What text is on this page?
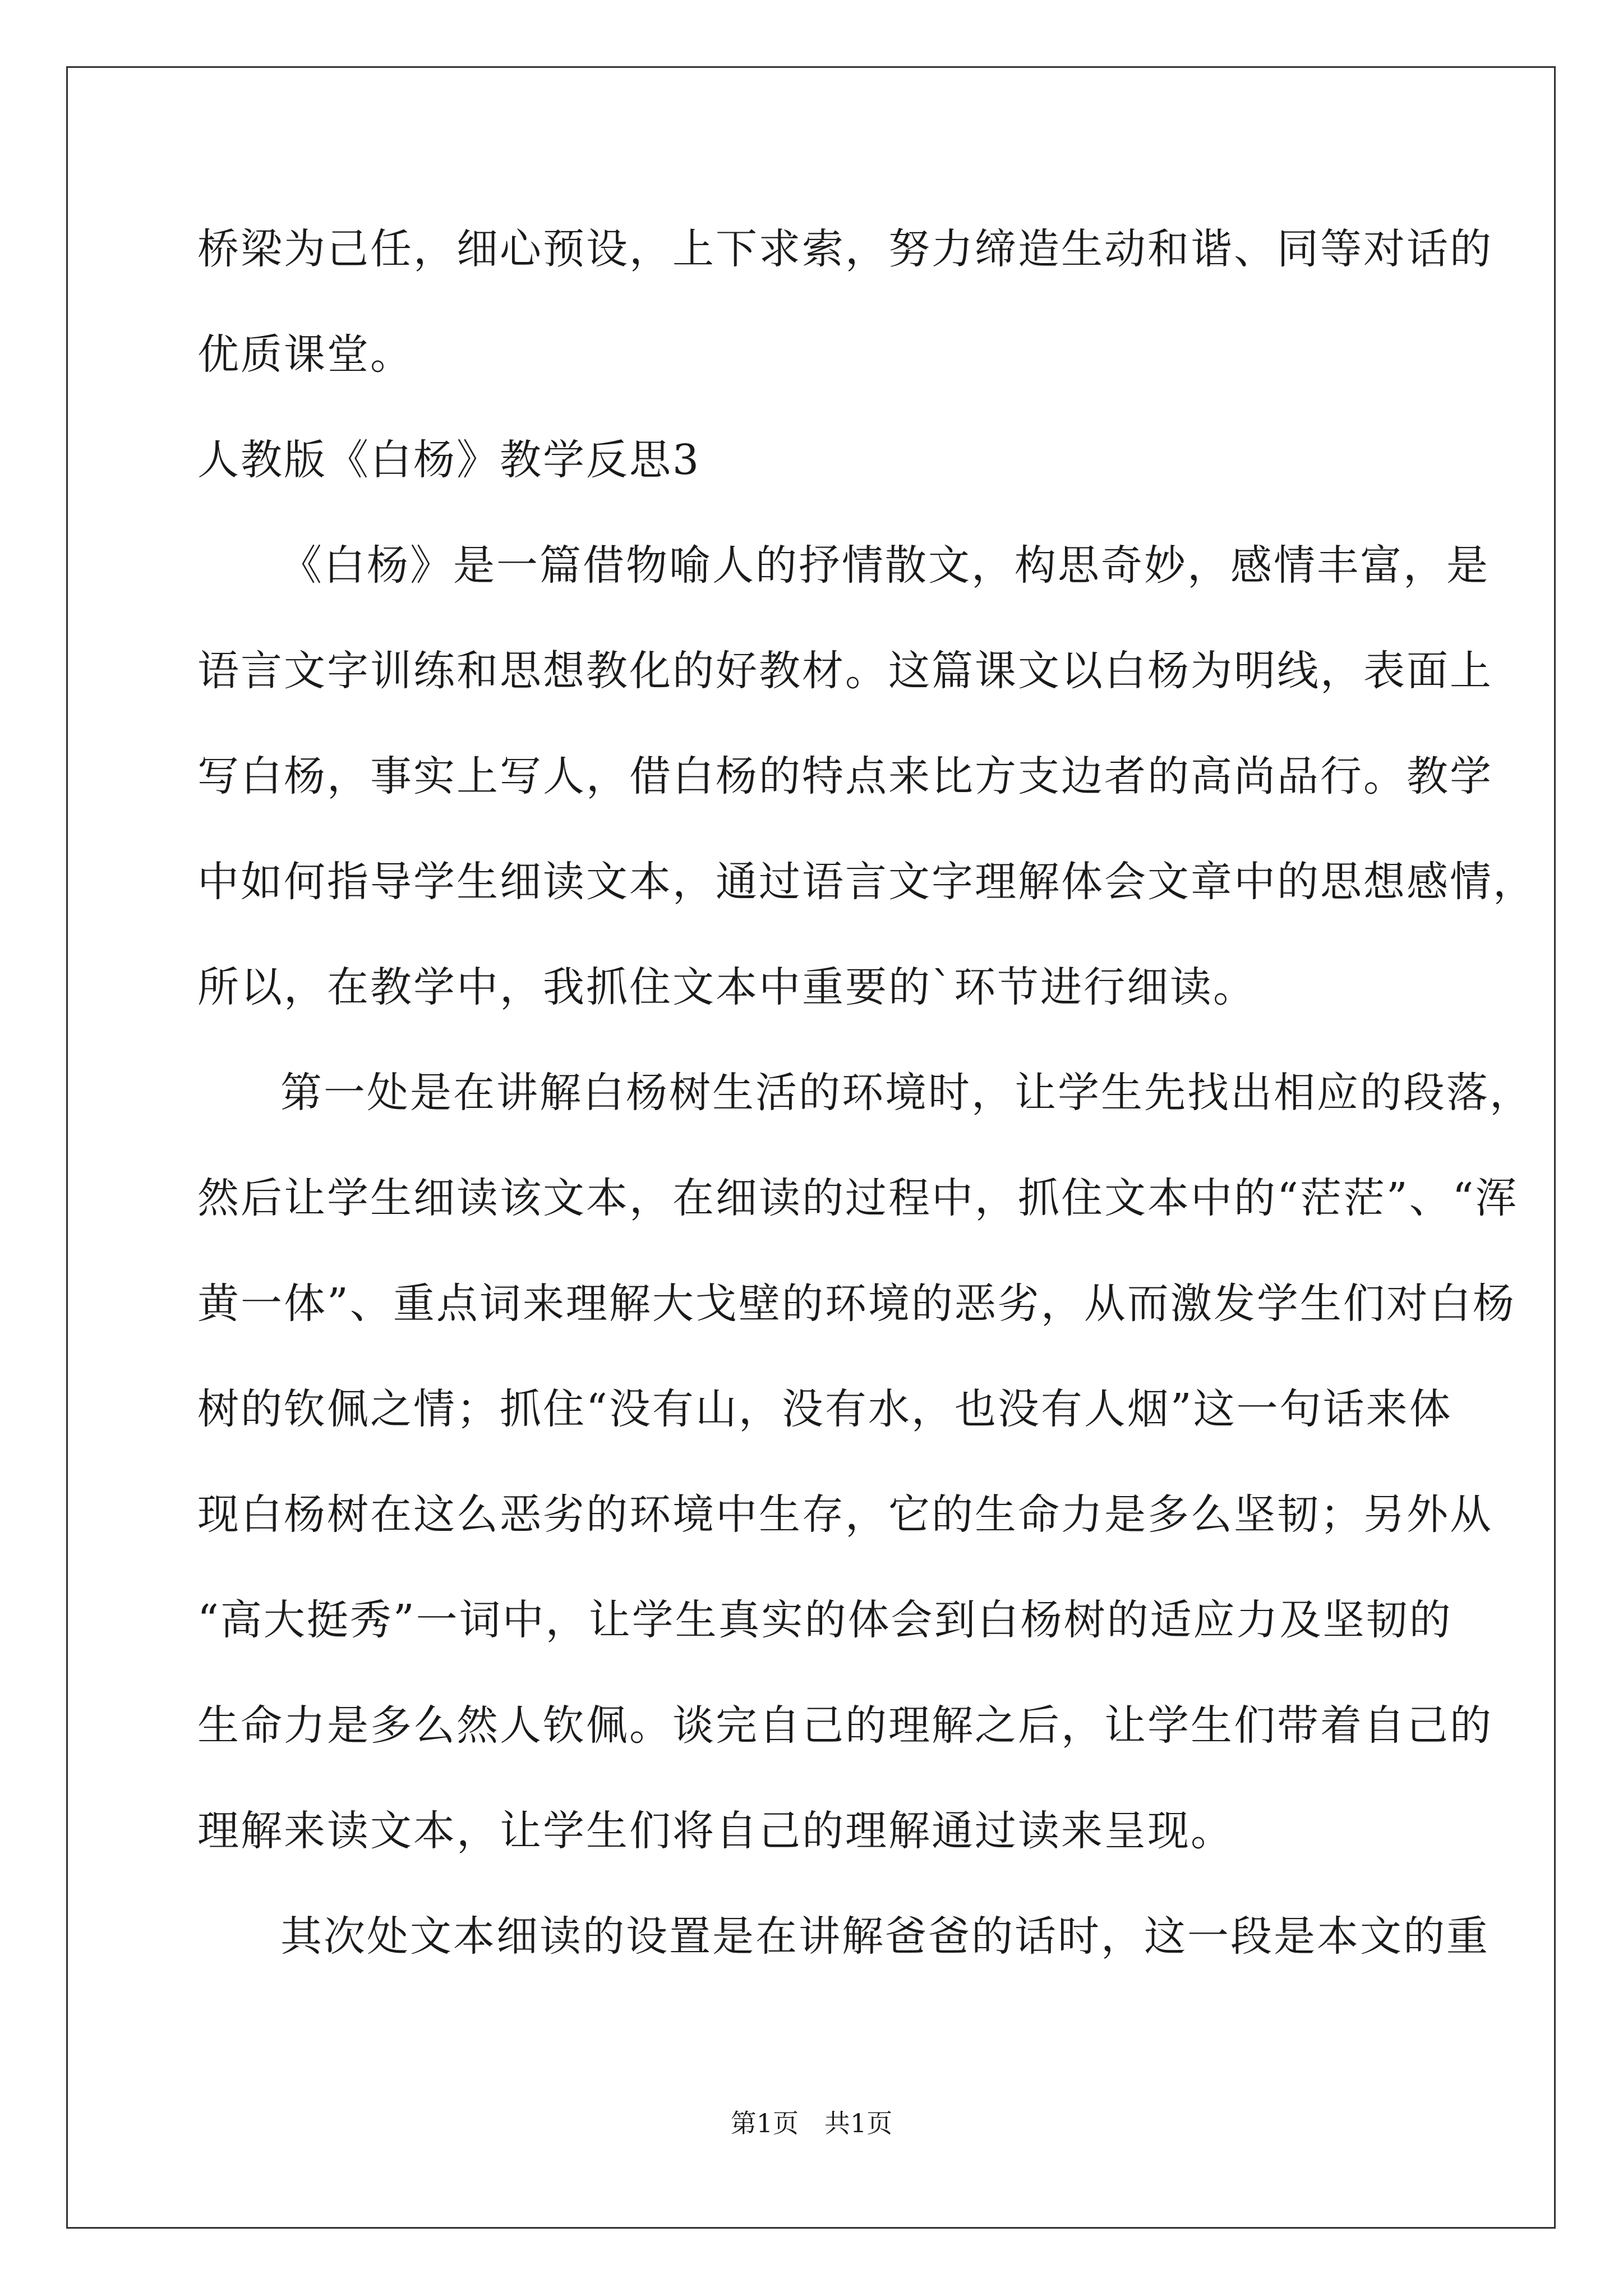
桥梁为己任，细心预设，上下求索，努力缔造生动和谐、同等对话的
优质课堂。
人教版《白杨》教学反思3
《白杨》是一篇借物喻人的抒情散文，构思奇妙，感情丰富，是
语言文字训练和思想教化的好教材。这篇课文以白杨为明线，表面上
写白杨，事实上写人，借白杨的特点来比方支边者的高尚品行。教学
中如何指导学生细读文本，通过语言文字理解体会文章中的思想感情，
所以，在教学中，我抓住文本中重要的`环节进行细读。
第一处是在讲解白杨树生活的环境时，让学生先找出相应的段落，
然后让学生细读该文本，在细读的过程中，抓住文本中的“茫茫”、“浑
黄一体”、重点词来理解大戈壁的环境的恶劣，从而激发学生们对白杨
树的钦佩之情；抓住“没有山，没有水，也没有人烟”这一句话来体
现白杨树在这么恶劣的环境中生存，它的生命力是多么坚韧；另外从
“高大挺秀”一词中，让学生真实的体会到白杨树的适应力及坚韧的
生命力是多么然人钦佩。谈完自己的理解之后，让学生们带着自己的
理解来读文本，让学生们将自己的理解通过读来呈现。
其次处文本细读的设置是在讲解爸爸的话时，这一段是本文的重
第1页　共1页
